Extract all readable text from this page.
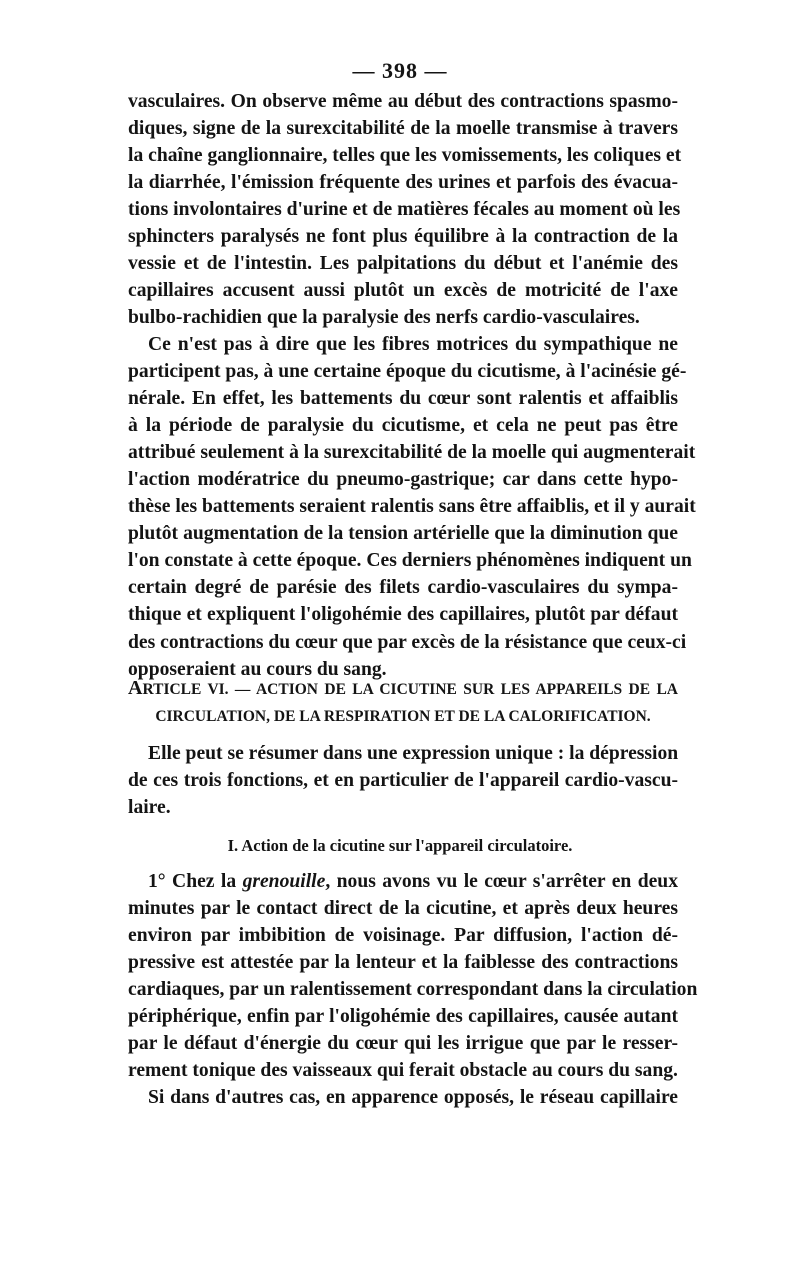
— 398 —
vasculaires. On observe même au début des contractions spasmo-
diques, signe de la surexcitabilité de la moelle transmise à travers
la chaîne ganglionnaire, telles que les vomissements, les coliques et
la diarrhée, l'émission fréquente des urines et parfois des évacua-
tions involontaires d'urine et de matières fécales au moment où les
sphincters paralysés ne font plus équilibre à la contraction de la
vessie et de l'intestin. Les palpitations du début et l'anémie des
capillaires accusent aussi plutôt un excès de motricité de l'axe
bulbo-rachidien que la paralysie des nerfs cardio-vasculaires.
Ce n'est pas à dire que les fibres motrices du sympathique ne
participent pas, à une certaine époque du cicutisme, à l'acinésie gé-
nérale. En effet, les battements du cœur sont ralentis et affaiblis
à la période de paralysie du cicutisme, et cela ne peut pas être
attribué seulement à la surexcitabilité de la moelle qui augmenterait
l'action modératrice du pneumo-gastrique; car dans cette hypo-
thèse les battements seraient ralentis sans être affaiblis, et il y aurait
plutôt augmentation de la tension artérielle que la diminution que
l'on constate à cette époque. Ces derniers phénomènes indiquent un
certain degré de parésie des filets cardio-vasculaires du sympa-
thique et expliquent l'oligohémie des capillaires, plutôt par défaut
des contractions du cœur que par excès de la résistance que ceux-ci
opposeraient au cours du sang.
ARTICLE VI. — ACTION DE LA CICUTINE SUR LES APPAREILS DE LA
CIRCULATION, DE LA RESPIRATION ET DE LA CALORIFICATION.
Elle peut se résumer dans une expression unique : la dépression
de ces trois fonctions, et en particulier de l'appareil cardio-vascu-
laire.
I. Action de la cicutine sur l'appareil circulatoire.
1° Chez la grenouille, nous avons vu le cœur s'arrêter en deux
minutes par le contact direct de la cicutine, et après deux heures
environ par imbibition de voisinage. Par diffusion, l'action dé-
pressive est attestée par la lenteur et la faiblesse des contractions
cardiaques, par un ralentissement correspondant dans la circulation
périphérique, enfin par l'oligohémie des capillaires, causée autant
par le défaut d'énergie du cœur qui les irrigue que par le resser-
rement tonique des vaisseaux qui ferait obstacle au cours du sang.
Si dans d'autres cas, en apparence opposés, le réseau capillaire
